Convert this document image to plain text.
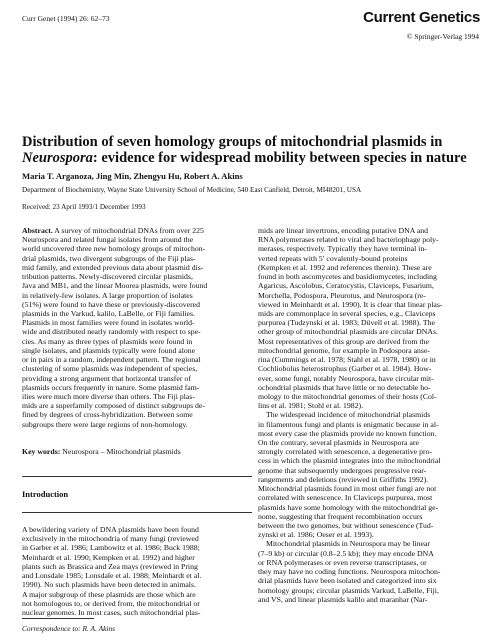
Curr Genet (1994) 26: 62–73	Current Genetics
© Springer-Verlag 1994
Distribution of seven homology groups of mitochondrial plasmids in
Neurospora: evidence for widespread mobility between species in nature
Maria T. Arganoza, Jing Min, Zhengyu Hu, Robert A. Akins
Department of Biochemistry, Wayne State University School of Medicine, 540 East Canfield, Detroit, MI48201, USA
Received: 23 April 1993/1 December 1993

Abstract. A survey of mitochondrial DNAs from over 225

Neurospora and related fungal isolates from around the

world uncovered three new homology groups of mitochon-

drial plasmids, two divergent subgroups of the Fiji plas-

mid family, and extended previous data about plasmid dis-

tribution patterns. Newly-discovered circular plasmids,

Java and MB1, and the linear Moorea plasmids, were found

in relatively-few isolates. A large proportion of isolates

(51%) were found to have these or previously-discovered

plasmids in the Varkud, kalilo, LaBelle, or Fiji families.

Plasmids in most families were found in isolates world-

wide and distributed nearly randomly with respect to spe-

cies. As many as three types of plasmids were found in

single isolates, and plasmids typically were found alone

or in pairs in a random, independent pattern. The regional

clustering of some plasmids was independent of species,

providing a strong argument that horizontal transfer of

plasmids occurs frequently in nature. Some plasmid fam-

ilies were much more diverse than others. The Fiji plas-

mids are a superfamily composed of distinct subgroups de-

fined by degrees of cross-hybridization. Between some

subgroups there were large regions of non-homology.

Key words: Neurospora – Mitochondrial plasmids
Introduction

A bewildering variety of DNA plasmids have been found

exclusively in the mitochondria of many fungi (reviewed

in Garber et al. 1986; Lambowitz et al. 1986; Buck 1988;

Meinhardt et al. 1990; Kempken et al. 1992) and higher

plants such as Brassica and Zea mays (reviewed in Pring

and Lonsdale 1985; Lonsdale et al. 1988; Meinhardt et al.

1990). No such plasmids have been detected in animals.

A major subgroup of these plasmids are those which are

not homologous to, or derived from, the mitochondrial or

nuclear genomes. In most cases, such mitochondrial plas-

Correspondence to: R. A. Akins

mids are linear invertrons, encoding putative DNA and

RNA polymerases related to viral and bacteriophage poly-

merases, respectively. Typically they have terminal in-

verted repeats with 5′ covalently-bound proteins

(Kempken et al. 1992 and references therein). These are

found in both ascomycetes and basidiomycetes, including

Agaricus, Ascolobus, Ceratocystis, Claviceps, Fusarium,

Morchella, Podospora, Pleurotus, and Neurospora (re-

viewed in Meinhardt et al. 1990). It is clear that linear plas-

mids are commonplace in several species, e.g., Claviceps

purpurea (Tudzynski et al. 1983; Düvell et al. 1988). The

other group of mitochondrial plasmids are circular DNAs.

Most representatives of this group are derived from the

mitochondrial genome, for example in Podospora anse-

rina (Cummings et al. 1978; Stahl et al. 1978, 1980) or in

Cochliobolus heterostrophus (Garber et al. 1984). How-

ever, some fungi, notably Neurospora, have circular mit-

ochondrial plasmids that have little or no detectable ho-

mology to the mitochondrial genomes of their hosts (Col-

lins et al. 1981; Stohl et al. 1982).

The widespread incidence of mitochondrial plasmids

in filamentous fungi and plants is enigmatic because in al-

most every case the plasmids provide no known function.

On the contrary, several plasmids in Neurospora are

strongly correlated with senescence, a degenerative pro-

cess in which the plasmid integrates into the mitochondrial

genome that subsequently undergoes progressive rear-

rangements and deletions (reviewed in Griffiths 1992).

Mitochondrial plasmids found in most other fungi are not

correlated with senescence. In Claviceps purpurea, most

plasmids have some homology with the mitochondrial ge-

nome, suggesting that frequent recombination occurs

between the two genomes, but without senescence (Tud-

zynski et al. 1986; Oeser et al. 1993).

Mitochondrial plasmids in Neurospora may be linear

(7–9 kb) or circular (0.8–2.5 kb); they may encode DNA

or RNA polymerases or even reverse transcriptases, or

they may have no coding functions. Neurospora mitochon-

drial plasmids have been isolated and categorized into six

homology groups; circular plasmids Varkud, LaBelle, Fiji,

and VS, and linear plasmids kalilo and maranhar (Nar-
